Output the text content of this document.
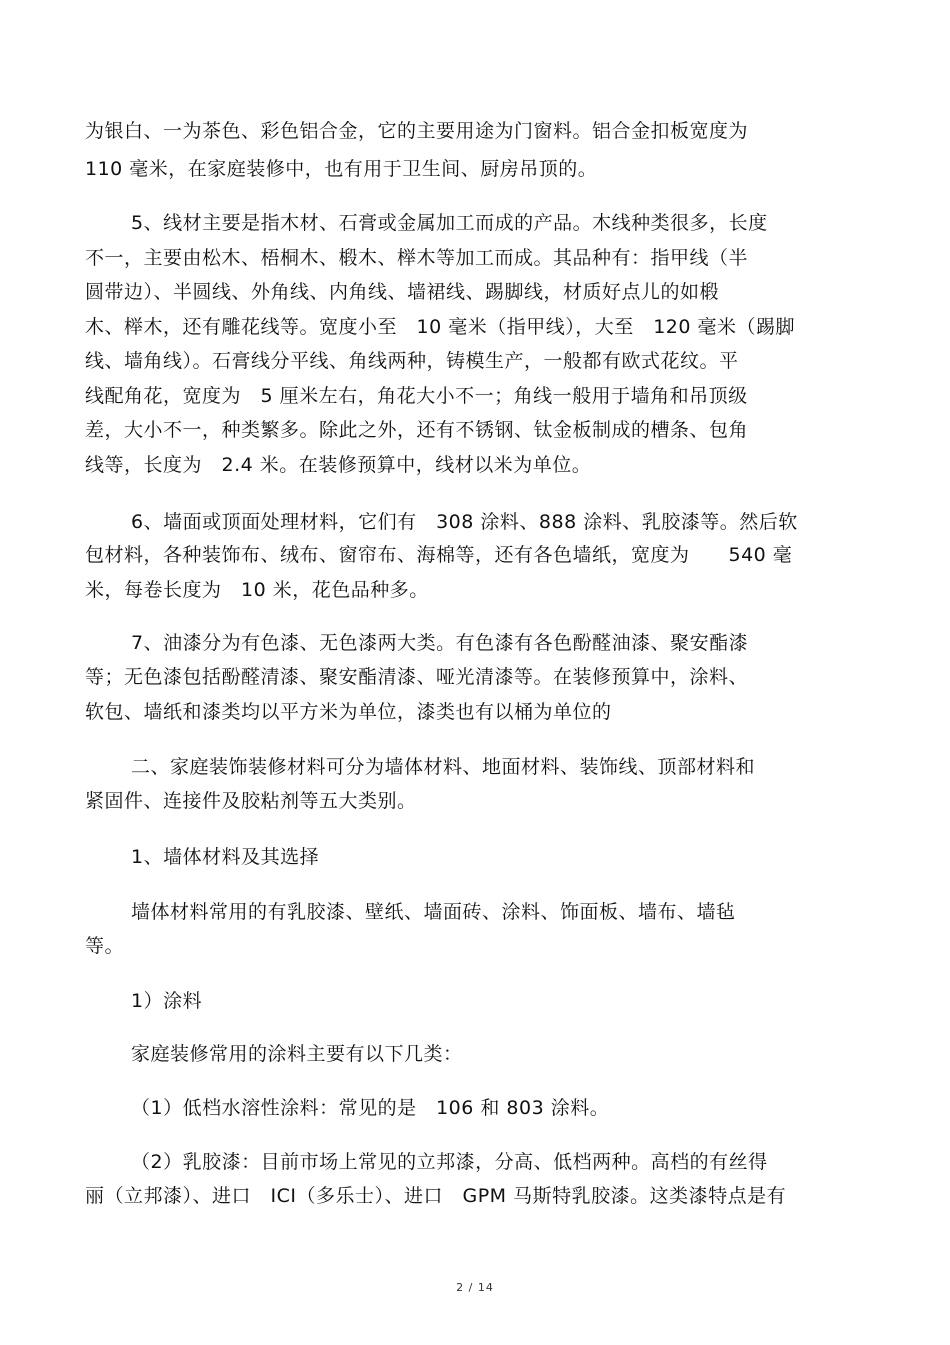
为银白、一为茶色、彩色铝合金，它的主要用途为门窗料。铝合金扣板宽度为
110 毫米，在家庭装修中，也有用于卫生间、厨房吊顶的。
5、线材主要是指木材、石膏或金属加工而成的产品。木线种类很多，长度
不一，主要由松木、梧桐木、椴木、榉木等加工而成。其品种有：指甲线（半
圆带边）、半圆线、外角线、内角线、墙裙线、踢脚线，材质好点儿的如椴
木、榉木，还有雕花线等。宽度小至　10 毫米（指甲线），大至　120 毫米（踢脚
线、墙角线）。石膏线分平线、角线两种，铸模生产，一般都有欧式花纹。平
线配角花，宽度为　5 厘米左右，角花大小不一；角线一般用于墙角和吊顶级
差，大小不一，种类繁多。除此之外，还有不锈钢、钛金板制成的槽条、包角
线等，长度为　2.4 米。在装修预算中，线材以米为单位。
6、墙面或顶面处理材料，它们有　308 涂料、888 涂料、乳胶漆等。然后软
包材料，各种装饰布、绒布、窗帘布、海棉等，还有各色墙纸，宽度为　　540 毫
米，每卷长度为　10 米，花色品种多。
7、油漆分为有色漆、无色漆两大类。有色漆有各色酚醛油漆、聚安酯漆
等；无色漆包括酚醛清漆、聚安酯清漆、哑光清漆等。在装修预算中，涂料、
软包、墙纸和漆类均以平方米为单位，漆类也有以桶为单位的
二、家庭装饰装修材料可分为墙体材料、地面材料、装饰线、顶部材料和
紧固件、连接件及胶粘剂等五大类别。
1、墙体材料及其选择
墙体材料常用的有乳胶漆、壁纸、墙面砖、涂料、饰面板、墙布、墙毡
等。
1）涂料
家庭装修常用的涂料主要有以下几类：
（1）低档水溶性涂料：常见的是　106 和 803 涂料。
（2）乳胶漆：目前市场上常见的立邦漆，分高、低档两种。高档的有丝得
丽（立邦漆）、进口　ICI（多乐士）、进口　GPM 马斯特乳胶漆。这类漆特点是有
2 / 14
